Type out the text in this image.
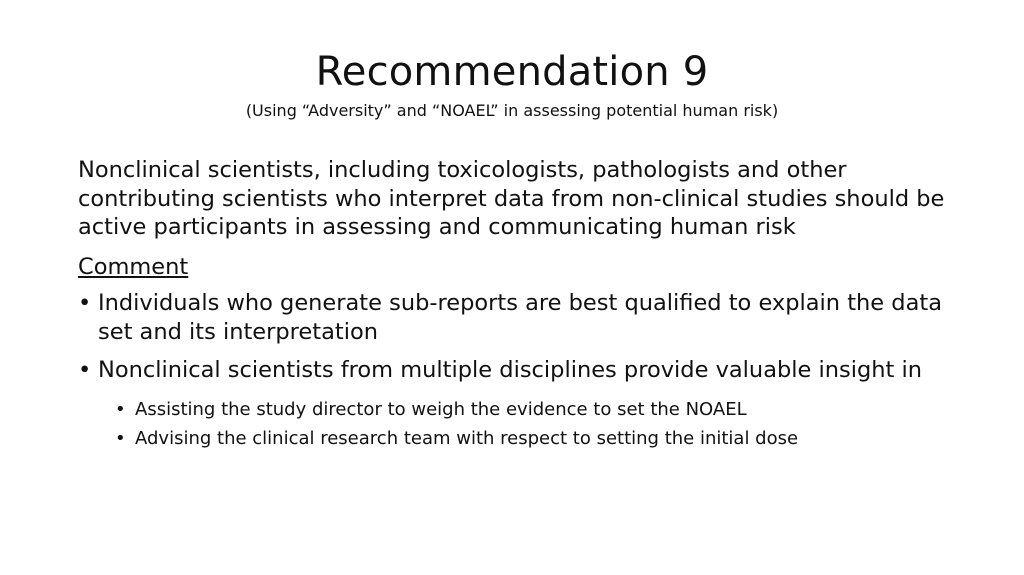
Recommendation 9
(Using “Adversity” and “NOAEL” in assessing potential human risk)

Nonclinical scientists, including toxicologists, pathologists and other contributing scientists who interpret data from non-clinical studies should be active participants in assessing and communicating human risk

Comment

• Individuals who generate sub-reports are best qualified to explain the data set and its interpretation
• Nonclinical scientists from multiple disciplines provide valuable insight in
• Assisting the study director to weigh the evidence to set the NOAEL
• Advising the clinical research team with respect to setting the initial dose
